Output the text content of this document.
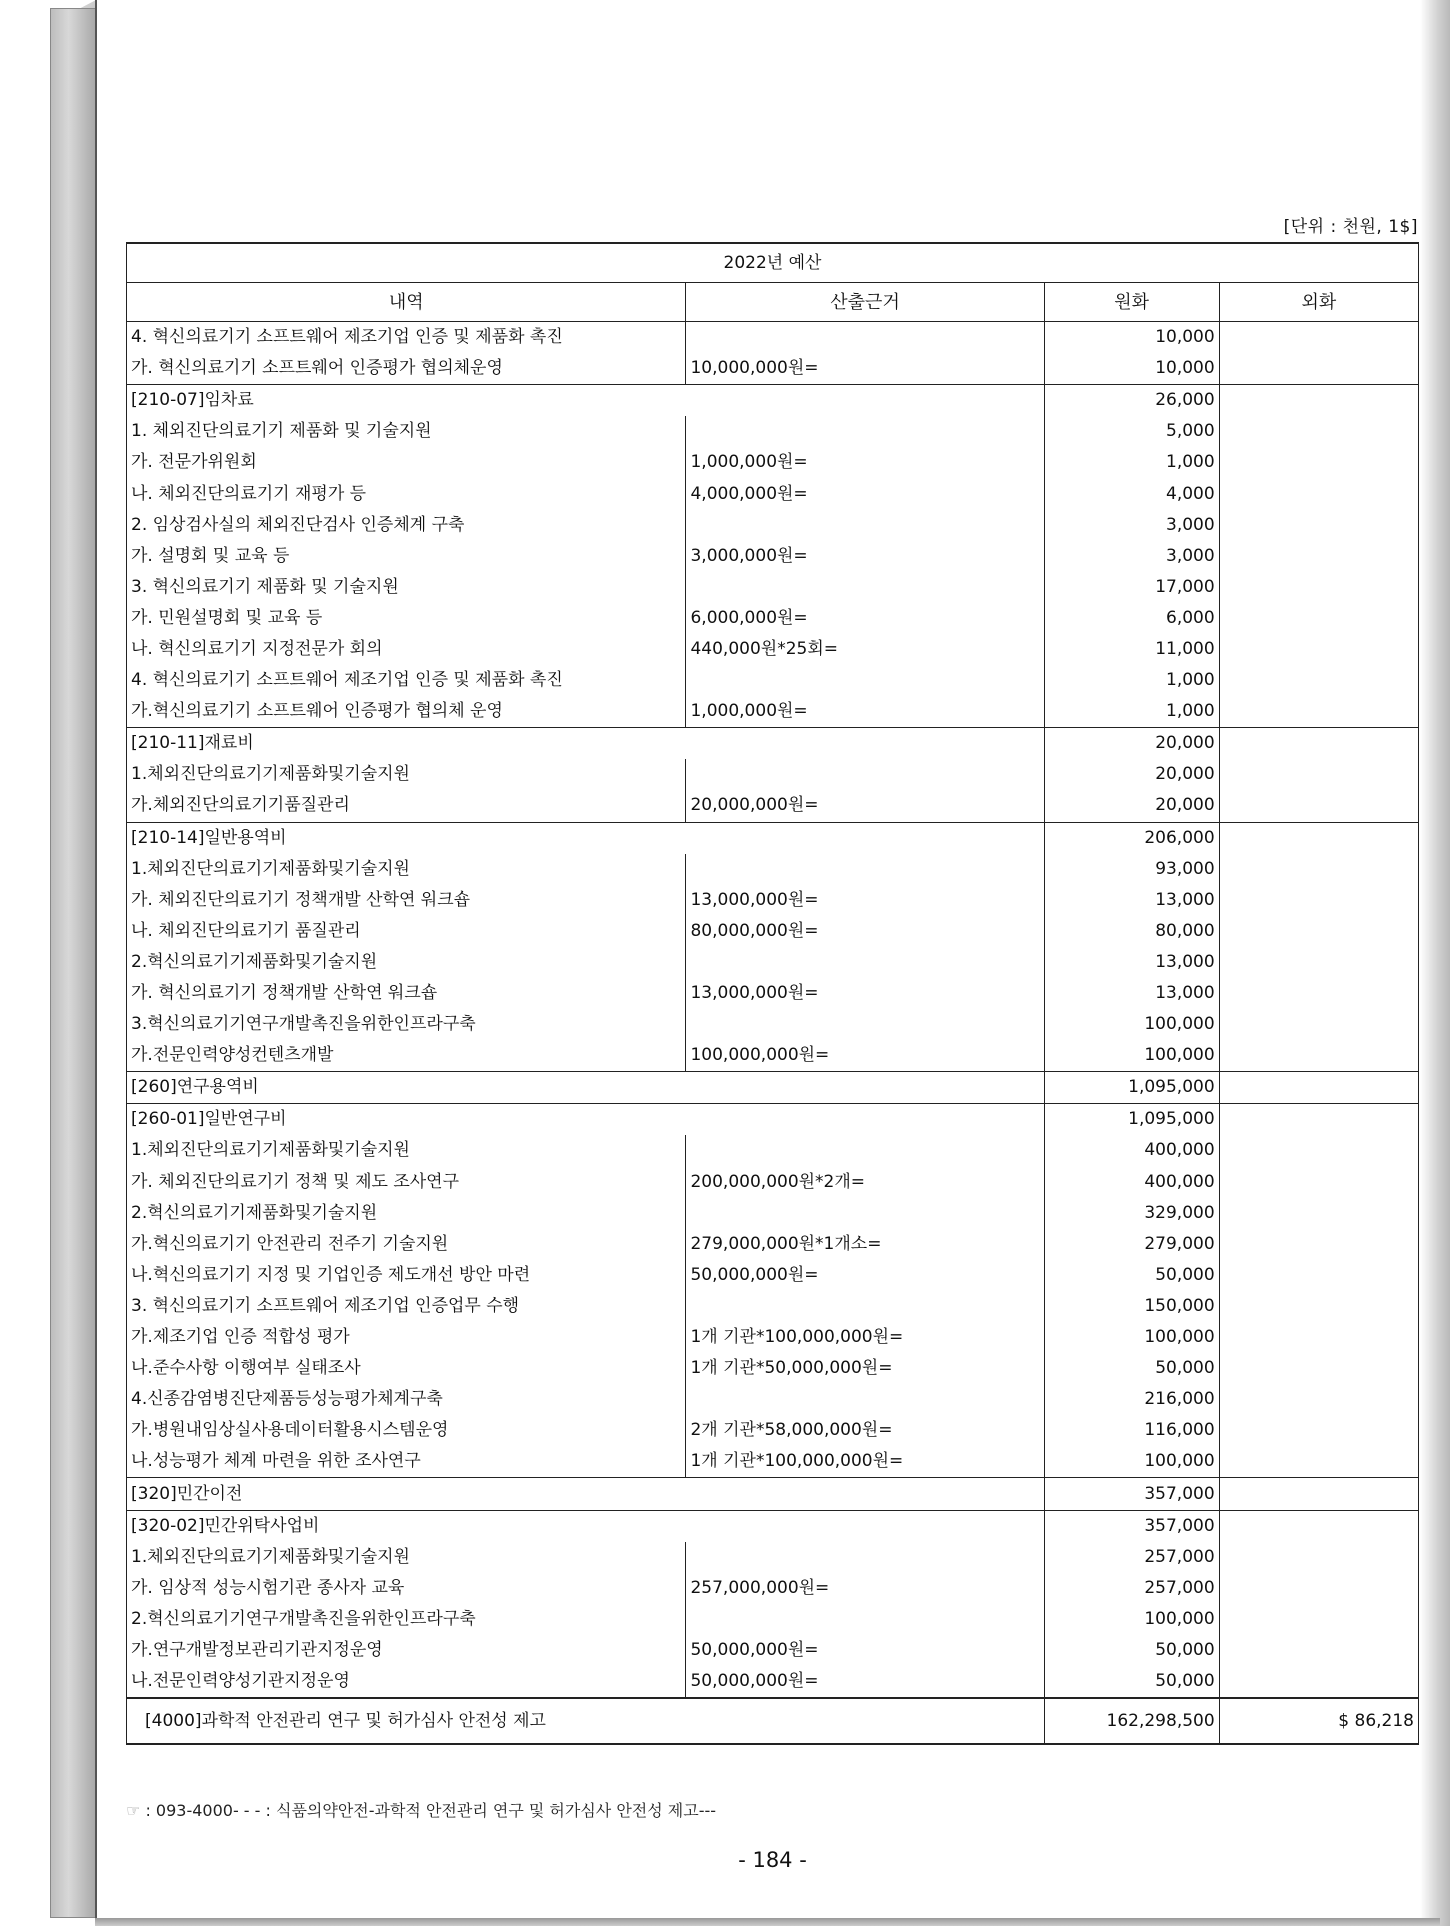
[단위 : 천원, 1$]
2022년 예산			
내역	산출근거	원화	외화
4. 혁신의료기기 소프트웨어 제조기업 인증 및 제품화 촉진		10,000	
가. 혁신의료기기 소프트웨어 인증평가 협의체운영	10,000,000원=	10,000	
[210-07]임차료		26,000	
1. 체외진단의료기기 제품화 및 기술지원		5,000	
가. 전문가위원회	1,000,000원=	1,000	
나. 체외진단의료기기 재평가 등	4,000,000원=	4,000	
2. 임상검사실의 체외진단검사 인증체계 구축		3,000	
가. 설명회 및 교육 등	3,000,000원=	3,000	
3. 혁신의료기기 제품화 및 기술지원		17,000	
가. 민원설명회 및 교육 등	6,000,000원=	6,000	
나. 혁신의료기기 지정전문가 회의	440,000원*25회=	11,000	
4. 혁신의료기기 소프트웨어 제조기업 인증 및 제품화 촉진		1,000	
가.혁신의료기기 소프트웨어 인증평가 협의체 운영	1,000,000원=	1,000	
[210-11]재료비		20,000	
1.체외진단의료기기제품화및기술지원		20,000	
가.체외진단의료기기품질관리	20,000,000원=	20,000	
[210-14]일반용역비		206,000	
1.체외진단의료기기제품화및기술지원		93,000	
가. 체외진단의료기기 정책개발 산학연 워크숍	13,000,000원=	13,000	
나. 체외진단의료기기 품질관리	80,000,000원=	80,000	
2.혁신의료기기제품화및기술지원		13,000	
가. 혁신의료기기 정책개발 산학연 워크숍	13,000,000원=	13,000	
3.혁신의료기기연구개발촉진을위한인프라구축		100,000	
가.전문인력양성컨텐츠개발	100,000,000원=	100,000	
[260]연구용역비		1,095,000	
[260-01]일반연구비		1,095,000	
1.체외진단의료기기제품화및기술지원		400,000	
가. 체외진단의료기기 정책 및 제도 조사연구	200,000,000원*2개=	400,000	
2.혁신의료기기제품화및기술지원		329,000	
가.혁신의료기기 안전관리 전주기 기술지원	279,000,000원*1개소=	279,000	
나.혁신의료기기 지정 및 기업인증 제도개선 방안 마련	50,000,000원=	50,000	
3. 혁신의료기기 소프트웨어 제조기업 인증업무 수행		150,000	
가.제조기업 인증 적합성 평가	1개 기관*100,000,000원=	100,000	
나.준수사항 이행여부 실태조사	1개 기관*50,000,000원=	50,000	
4.신종감염병진단제품등성능평가체계구축		216,000	
가.병원내임상실사용데이터활용시스템운영	2개 기관*58,000,000원=	116,000	
나.성능평가 체계 마련을 위한 조사연구	1개 기관*100,000,000원=	100,000	
[320]민간이전		357,000	
[320-02]민간위탁사업비		357,000	
1.체외진단의료기기제품화및기술지원		257,000	
가. 임상적 성능시험기관 종사자 교육	257,000,000원=	257,000	
2.혁신의료기기연구개발촉진을위한인프라구축		100,000	
가.연구개발정보관리기관지정운영	50,000,000원=	50,000	
나.전문인력양성기관지정운영	50,000,000원=	50,000	
[4000]과학적 안전관리 연구 및 허가심사 안전성 제고		162,298,500	$ 86,218
☞ : 093-4000- - - : 식품의약안전-과학적 안전관리 연구 및 허가심사 안전성 제고---
- 184 -
